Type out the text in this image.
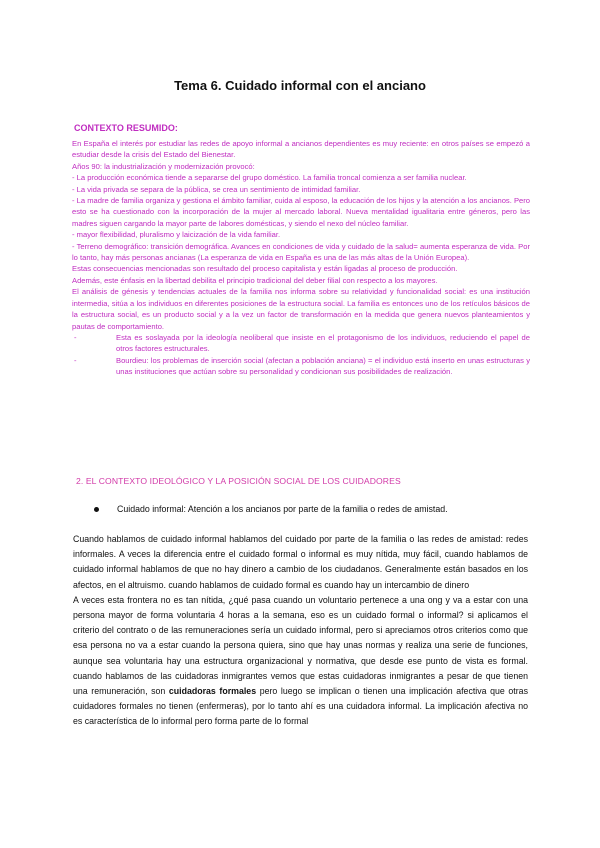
Tema 6. Cuidado informal con el anciano
CONTEXTO RESUMIDO:

En España el interés por estudiar las redes de apoyo informal a ancianos dependientes es muy reciente: en otros países se empezó a estudiar desde la crisis del Estado del Bienestar.

Años 90: la industrialización y modernización provocó:

- La producción económica tiende a separarse del grupo doméstico. La familia troncal comienza a ser familia nuclear.

- La vida privada se separa de la pública, se crea un sentimiento de intimidad familiar.

- La madre de familia organiza y gestiona el ámbito familiar, cuida al esposo, la educación de los hijos y la atención a los ancianos. Pero esto se ha cuestionado con la incorporación de la mujer al mercado laboral. Nueva mentalidad igualitaria entre géneros, pero las madres siguen cargando la mayor parte de labores domésticas, y siendo el nexo del núcleo familiar.

- mayor flexibilidad, pluralismo y laicización de la vida familiar.

- Terreno demográfico: transición demográfica. Avances en condiciones de vida y cuidado de la salud= aumenta esperanza de vida. Por lo tanto, hay más personas ancianas (La esperanza de vida en España es una de las más altas de la Unión Europea).

Estas consecuencias mencionadas son resultado del proceso capitalista y están ligadas al proceso de producción.

Además, este énfasis en la libertad debilita el principio tradicional del deber filial con respecto a los mayores.

El análisis de génesis y tendencias actuales de la familia nos informa sobre su relatividad y funcionalidad social: es una institución intermedia, sitúa a los individuos en diferentes posiciones de la estructura social. La familia es entonces uno de los retículos básicos de la estructura social, es un producto social y a la vez un factor de transformación en la medida que genera nuevos planteamientos y pautas de comportamiento.

-	Esta es soslayada por la ideología neoliberal que insiste en el protagonismo de los individuos, reduciendo el papel de otros factores estructurales.
-	Bourdieu: los problemas de inserción social (afectan a población anciana) = el individuo está inserto en unas estructuras y unas instituciones que actúan sobre su personalidad y condicionan sus posibilidades de realización.
2. EL CONTEXTO IDEOLÓGICO Y LA POSICIÓN SOCIAL DE LOS CUIDADORES
Cuidado informal: Atención a los ancianos por parte de la familia o redes de amistad.

Cuando hablamos de cuidado informal hablamos del cuidado por parte de la familia o las redes de amistad: redes informales. A veces la diferencia entre el cuidado formal o informal es muy nítida, muy fácil, cuando hablamos de cuidado informal hablamos de que no hay dinero a cambio de los ciudadanos. Generalmente están basados en los afectos, en el altruismo. cuando hablamos de cuidado formal es cuando hay un intercambio de dinero

A veces esta frontera no es tan nítida, ¿qué pasa cuando un voluntario pertenece a una ong y va a estar con una persona mayor de forma voluntaria 4 horas a la semana, eso es un cuidado formal o informal? si aplicamos el criterio del contrato o de las remuneraciones sería un cuidado informal, pero si apreciamos otros criterios como que esa persona no va a estar cuando la persona quiera, sino que hay unas normas y realiza una serie de funciones, aunque sea voluntaria hay una estructura organizacional y normativa, que desde ese punto de vista es formal. cuando hablamos de las cuidadoras inmigrantes vemos que estas cuidadoras inmigrantes a pesar de que tienen una remuneración, son cuidadoras formales pero luego se implican o tienen una implicación afectiva que otras cuidadores formales no tienen (enfermeras), por lo tanto ahí es una cuidadora informal. La implicación afectiva no es característica de lo informal pero forma parte de lo formal
